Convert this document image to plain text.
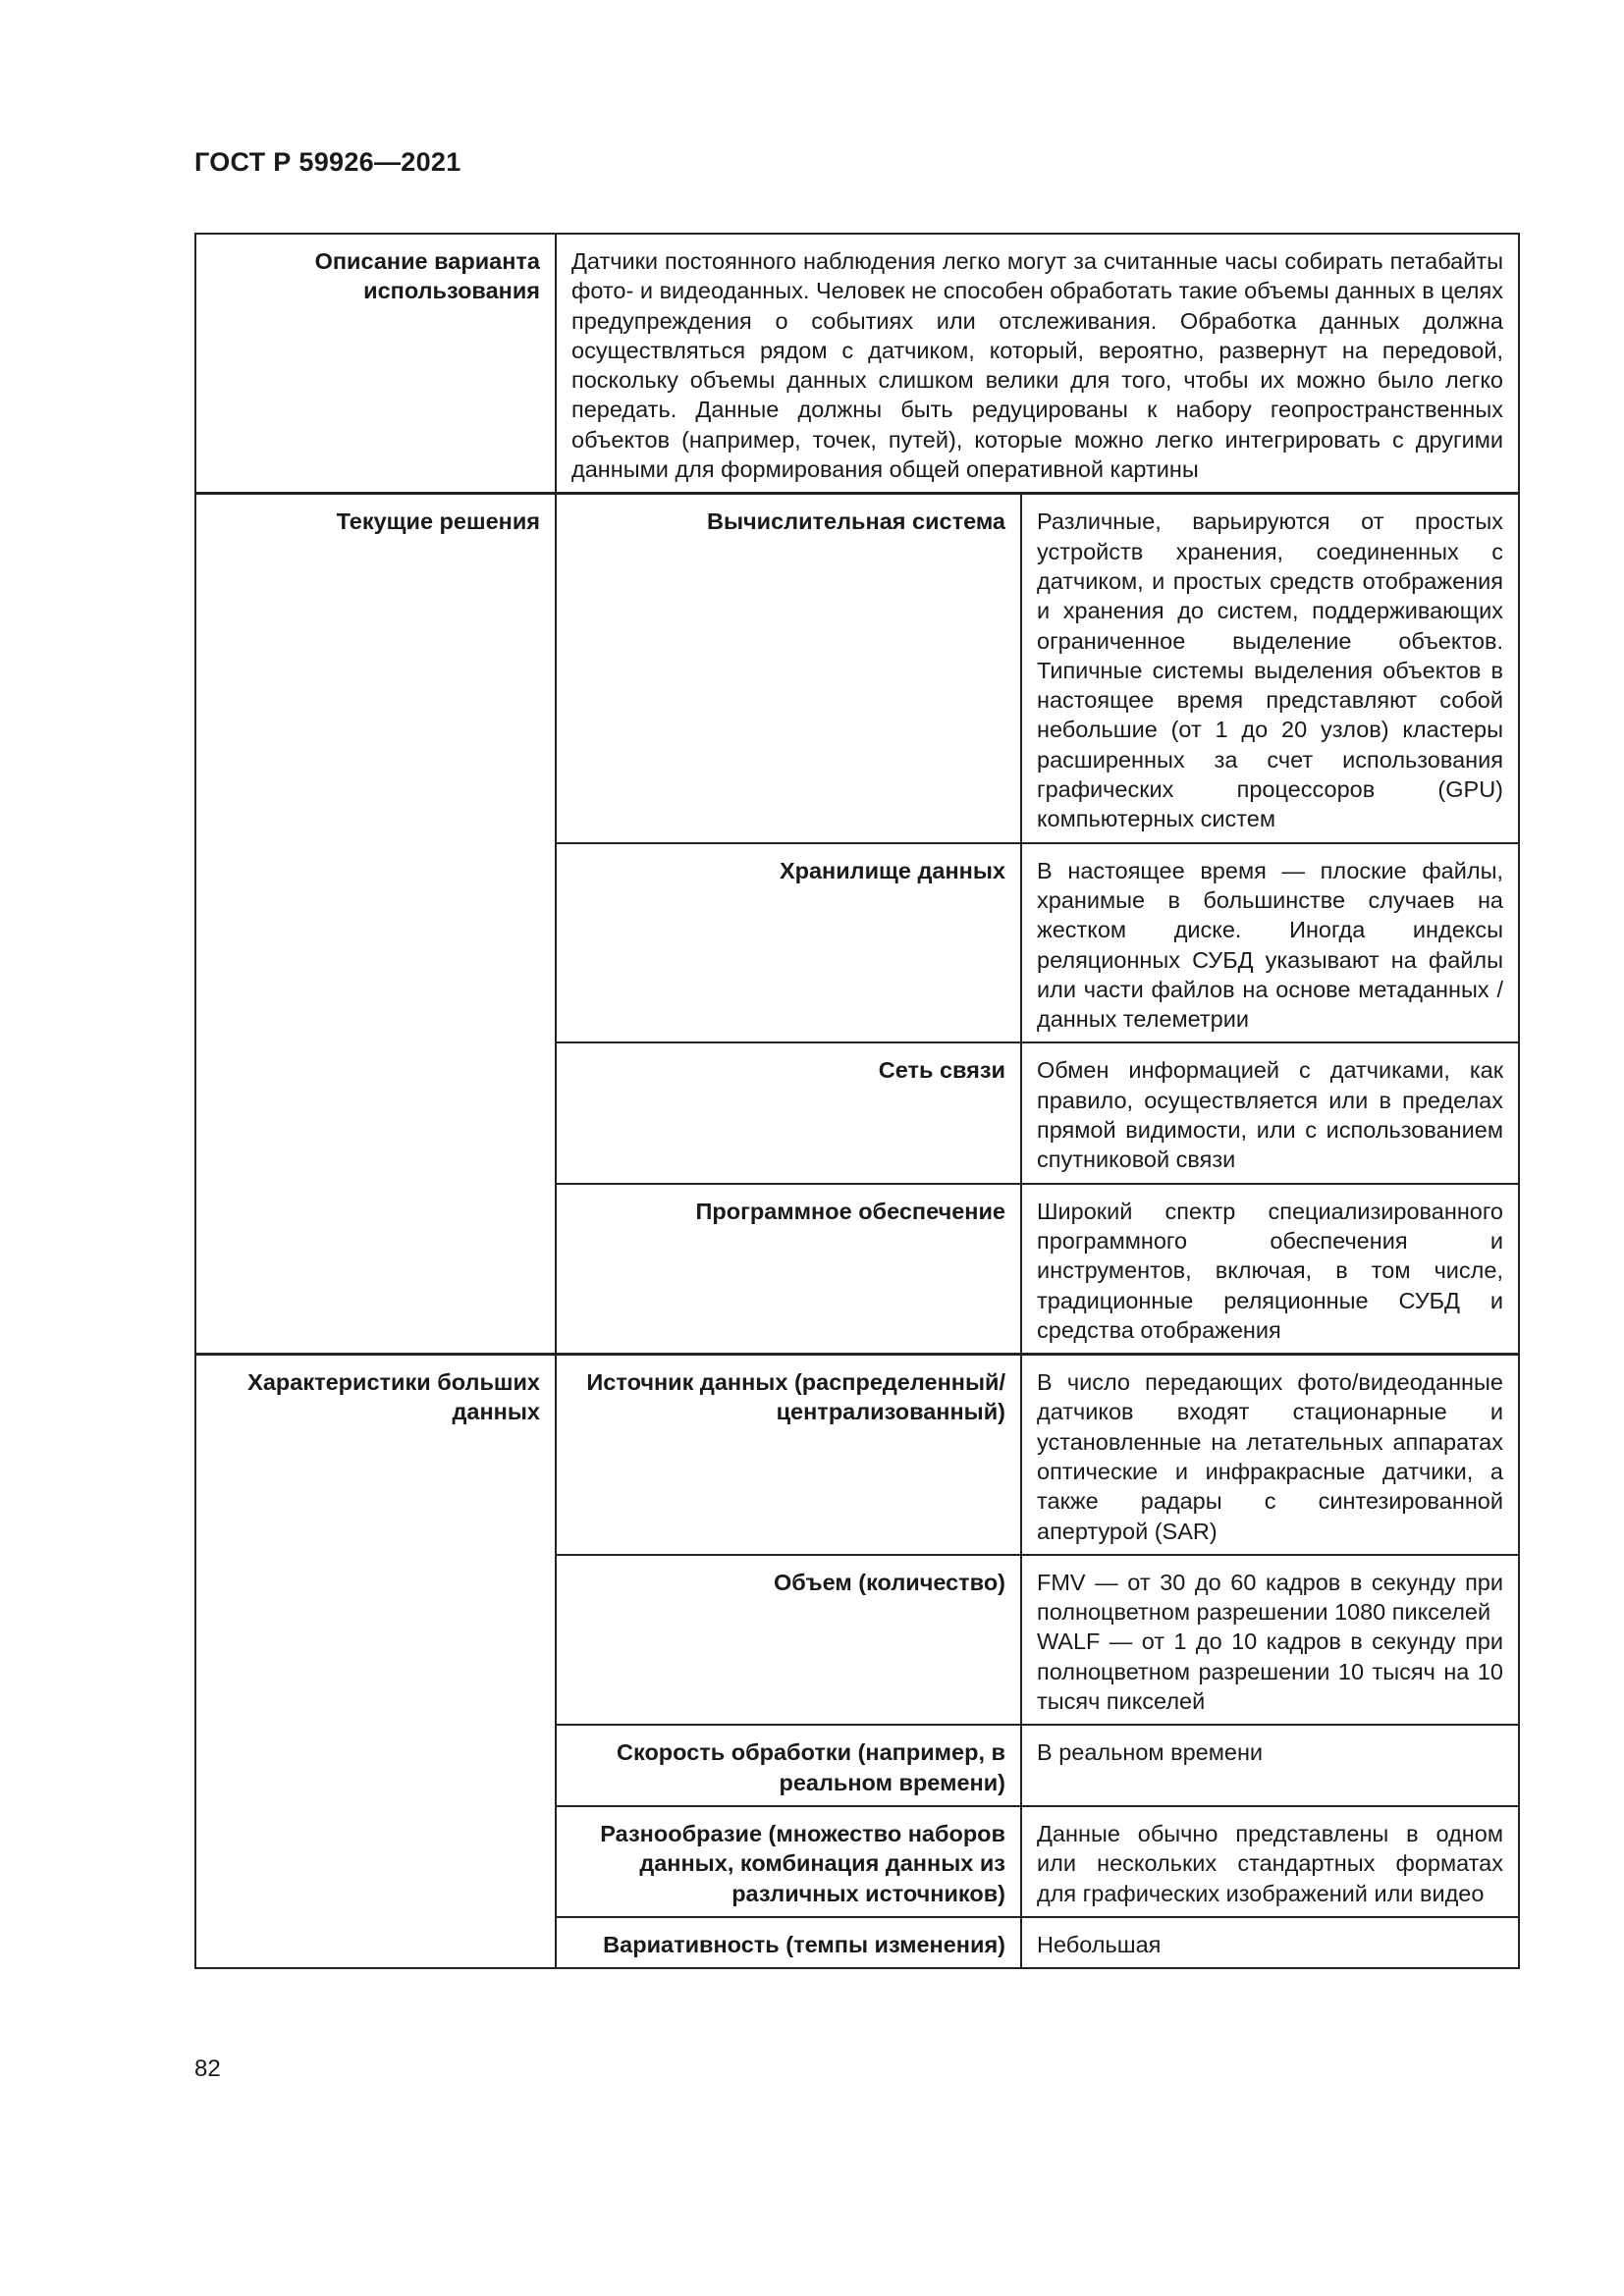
ГОСТ Р 59926—2021
Описание варианта использования	Датчики постоянного наблюдения легко могут за считанные часы собирать петабайты фото- и видеоданных. Человек не способен обработать такие объемы данных в целях предупреждения о событиях или отслеживания. Обработка данных должна осуществляться рядом с датчиком, который, вероятно, развернут на передовой, поскольку объемы данных слишком велики для того, чтобы их можно было легко передать. Данные должны быть редуцированы к набору геопространственных объектов (например, точек, путей), которые можно легко интегрировать с другими данными для формирования общей оперативной картины	
Текущие решения	Вычислительная система	Различные, варьируются от простых устройств хранения, соединенных с датчиком, и простых средств отображения и хранения до систем, поддерживающих ограниченное выделение объектов. Типичные системы выделения объектов в настоящее время представляют собой небольшие (от 1 до 20 узлов) кластеры расширенных за счет использования графических процессоров (GPU) компьютерных систем
	Хранилище данных	В настоящее время — плоские файлы, хранимые в большинстве случаев на жестком диске. Иногда индексы реляционных СУБД указывают на файлы или части файлов на основе метаданных / данных телеметрии
	Сеть связи	Обмен информацией с датчиками, как правило, осуществляется или в пределах прямой видимости, или с использованием спутниковой связи
	Программное обеспечение	Широкий спектр специализированного программного обеспечения и инструментов, включая, в том числе, традиционные реляционные СУБД и средства отображения
Характеристики больших данных	Источник данных (распределенный/ централизованный)	В число передающих фото/видеоданные датчиков входят стационарные и установленные на летательных аппаратах оптические и инфракрасные датчики, а также радары с синтезированной апертурой (SAR)
	Объем (количество)	FMV — от 30 до 60 кадров в секунду при полноцветном разрешении 1080 пикселей

WALF — от 1 до 10 кадров в секунду при полноцветном разрешении 10 тысяч на 10 тысяч пикселей

	Скорость обработки (например, в реальном времени)	В реальном времени
	Разнообразие (множество наборов данных, комбинация данных из различных источников)	Данные обычно представлены в одном или нескольких стандартных форматах для графических изображений или видео
	Вариативность (темпы изменения)	Небольшая
82
